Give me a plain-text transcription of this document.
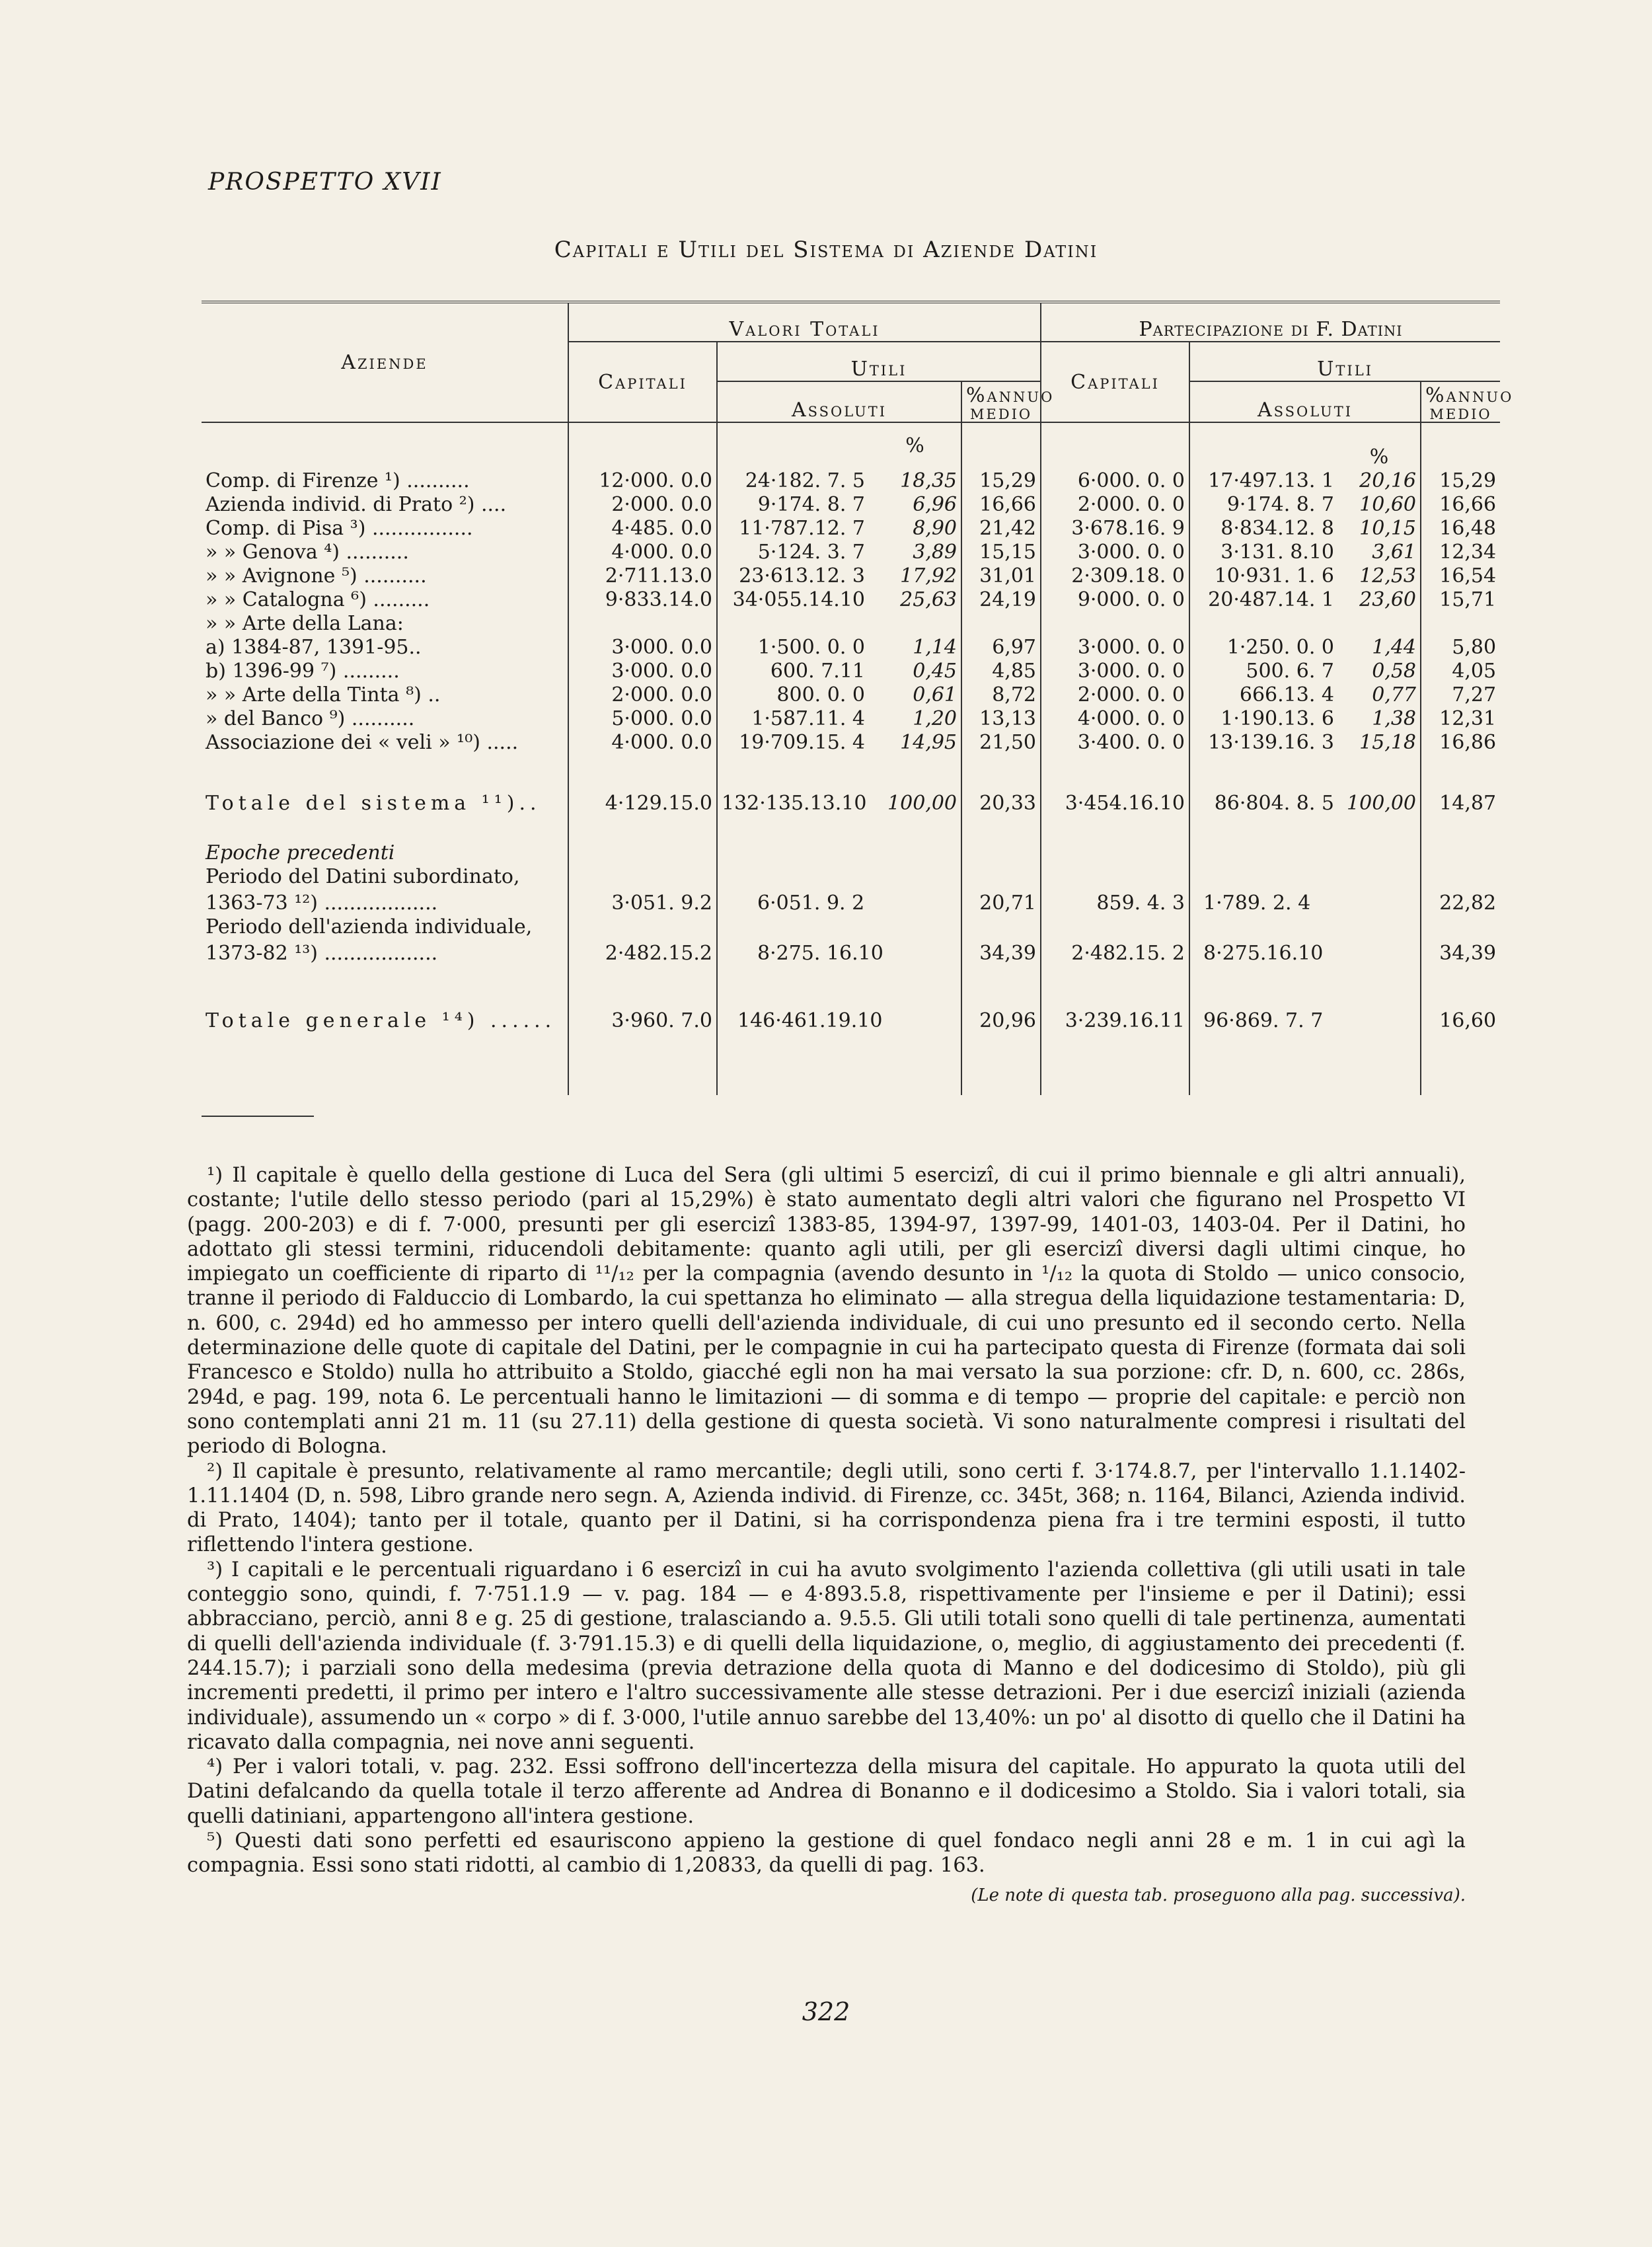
PROSPETTO XVII
Capitali e Utili del Sistema di Aziende Datini
Aziende	Valori Totali				Partecipazione di F. Datini			
	Capitali	Utili			Capitali	Utili		
		Assoluti		%annuo medio		Assoluti		%annuo medio
			%				%	
Comp. di Firenze ¹) ..........	12·000. 0.0	24·182. 7. 5	18,35	15,29	6·000. 0. 0	17·497.13. 1	20,16	15,29
Azienda individ. di Prato ²) ....	2·000. 0.0	9·174. 8. 7	6,96	16,66	2·000. 0. 0	9·174. 8. 7	10,60	16,66
Comp. di Pisa ³) ................	4·485. 0.0	11·787.12. 7	8,90	21,42	3·678.16. 9	8·834.12. 8	10,15	16,48
» » Genova ⁴) ..........	4·000. 0.0	5·124. 3. 7	3,89	15,15	3·000. 0. 0	3·131. 8.10	3,61	12,34
» » Avignone ⁵) ..........	2·711.13.0	23·613.12. 3	17,92	31,01	2·309.18. 0	10·931. 1. 6	12,53	16,54
» » Catalogna ⁶) .........	9·833.14.0	34·055.14.10	25,63	24,19	9·000. 0. 0	20·487.14. 1	23,60	15,71
» » Arte della Lana:								
a) 1384-87, 1391-95..	3·000. 0.0	1·500. 0. 0	1,14	6,97	3·000. 0. 0	1·250. 0. 0	1,44	5,80
b) 1396-99 ⁷) .........	3·000. 0.0	600. 7.11	0,45	4,85	3·000. 0. 0	500. 6. 7	0,58	4,05
» » Arte della Tinta ⁸) ..	2·000. 0.0	800. 0. 0	0,61	8,72	2·000. 0. 0	666.13. 4	0,77	7,27
» del Banco ⁹) ..........	5·000. 0.0	1·587.11. 4	1,20	13,13	4·000. 0. 0	1·190.13. 6	1,38	12,31
Associazione dei « veli » ¹⁰) .....	4·000. 0.0	19·709.15. 4	14,95	21,50	3·400. 0. 0	13·139.16. 3	15,18	16,86

Totale del sistema ¹¹)..	4·129.15.0	132·135.13.10	100,00	20,33	3·454.16.10	86·804. 8. 5	100,00	14,87
Epoche precedenti								
Periodo del Datini subordinato,								
1363-73 ¹²) ..................	3·051. 9.2	6·051. 9. 2		20,71	859. 4. 3	1·789. 2. 4		22,82
Periodo dell'azienda individuale,								
1373-82 ¹³) ..................	2·482.15.2	8·275. 16.10		34,39	2·482.15. 2	8·275.16.10		34,39

Totale generale ¹⁴) ......	3·960. 7.0	146·461.19.10		20,96	3·239.16.11	96·869. 7. 7		16,60

¹) Il capitale è quello della gestione di Luca del Sera (gli ultimi 5 esercizî, di cui il primo biennale e gli altri annuali), costante; l'utile dello stesso periodo (pari al 15,29%) è stato aumentato degli altri valori che figurano nel Prospetto VI (pagg. 200-203) e di f. 7·000, presunti per gli esercizî 1383-85, 1394-97, 1397-99, 1401-03, 1403-04. Per il Datini, ho adottato gli stessi termini, riducendoli debitamente: quanto agli utili, per gli esercizî diversi dagli ultimi cinque, ho impiegato un coefficiente di riparto di ¹¹/₁₂ per la compagnia (avendo desunto in ¹/₁₂ la quota di Stoldo — unico consocio, tranne il periodo di Falduccio di Lombardo, la cui spettanza ho eliminato — alla stregua della liquidazione testamentaria: D, n. 600, c. 294d) ed ho ammesso per intero quelli dell'azienda individuale, di cui uno presunto ed il secondo certo. Nella determinazione delle quote di capitale del Datini, per le compagnie in cui ha partecipato questa di Firenze (formata dai soli Francesco e Stoldo) nulla ho attribuito a Stoldo, giacché egli non ha mai versato la sua porzione: cfr. D, n. 600, cc. 286s, 294d, e pag. 199, nota 6. Le percentuali hanno le limitazioni — di somma e di tempo — proprie del capitale: e perciò non sono contemplati anni 21 m. 11 (su 27.11) della gestione di questa società. Vi sono naturalmente compresi i risultati del periodo di Bologna.

²) Il capitale è presunto, relativamente al ramo mercantile; degli utili, sono certi f. 3·174.8.7, per l'intervallo 1.1.1402-1.11.1404 (D, n. 598, Libro grande nero segn. A, Azienda individ. di Firenze, cc. 345t, 368; n. 1164, Bilanci, Azienda individ. di Prato, 1404); tanto per il totale, quanto per il Datini, si ha corrispondenza piena fra i tre termini esposti, il tutto riflettendo l'intera gestione.

³) I capitali e le percentuali riguardano i 6 esercizî in cui ha avuto svolgimento l'azienda collettiva (gli utili usati in tale conteggio sono, quindi, f. 7·751.1.9 — v. pag. 184 — e 4·893.5.8, rispettivamente per l'insieme e per il Datini); essi abbracciano, perciò, anni 8 e g. 25 di gestione, tralasciando a. 9.5.5. Gli utili totali sono quelli di tale pertinenza, aumentati di quelli dell'azienda individuale (f. 3·791.15.3) e di quelli della liquidazione, o, meglio, di aggiustamento dei precedenti (f. 244.15.7); i parziali sono della medesima (previa detrazione della quota di Manno e del dodicesimo di Stoldo), più gli incrementi predetti, il primo per intero e l'altro successivamente alle stesse detrazioni. Per i due esercizî iniziali (azienda individuale), assumendo un « corpo » di f. 3·000, l'utile annuo sarebbe del 13,40%: un po' al disotto di quello che il Datini ha ricavato dalla compagnia, nei nove anni seguenti.

⁴) Per i valori totali, v. pag. 232. Essi soffrono dell'incertezza della misura del capitale. Ho appurato la quota utili del Datini defalcando da quella totale il terzo afferente ad Andrea di Bonanno e il dodicesimo a Stoldo. Sia i valori totali, sia quelli datiniani, appartengono all'intera gestione.

⁵) Questi dati sono perfetti ed esauriscono appieno la gestione di quel fondaco negli anni 28 e m. 1 in cui agì la compagnia. Essi sono stati ridotti, al cambio di 1,20833, da quelli di pag. 163.

(Le note di questa tab. proseguono alla pag. successiva).

322
